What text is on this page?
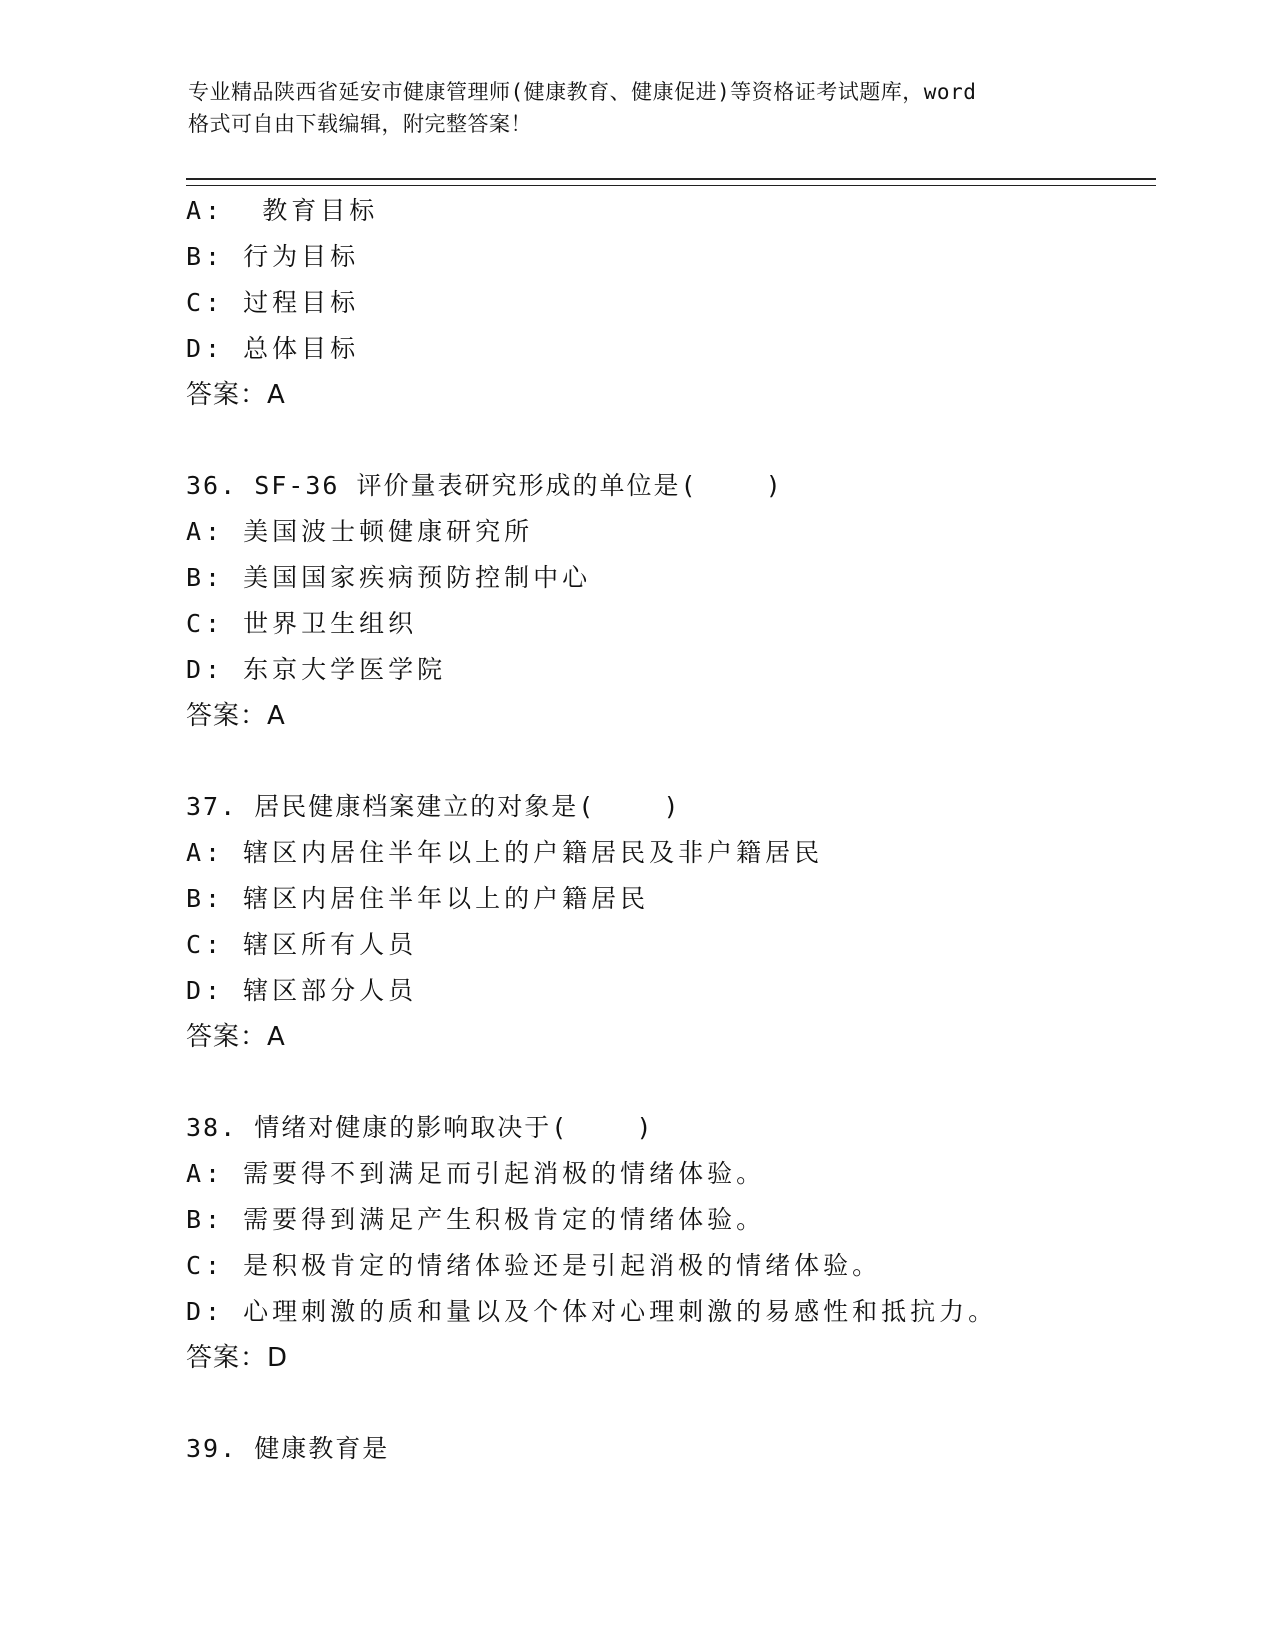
专业精品陕西省延安市健康管理师(健康教育、健康促进)等资格证考试题库，word
格式可自由下载编辑，附完整答案！
A:  教育目标
B: 行为目标
C: 过程目标
D: 总体目标
答案：A
36. SF-36 评价量表研究形成的单位是(    )
A: 美国波士顿健康研究所
B: 美国国家疾病预防控制中心
C: 世界卫生组织
D: 东京大学医学院
答案：A
37. 居民健康档案建立的对象是(    )
A: 辖区内居住半年以上的户籍居民及非户籍居民
B: 辖区内居住半年以上的户籍居民
C: 辖区所有人员
D: 辖区部分人员
答案：A
38. 情绪对健康的影响取决于(    )
A: 需要得不到满足而引起消极的情绪体验。
B: 需要得到满足产生积极肯定的情绪体验。
C: 是积极肯定的情绪体验还是引起消极的情绪体验。
D: 心理刺激的质和量以及个体对心理刺激的易感性和抵抗力。
答案：D
39. 健康教育是
